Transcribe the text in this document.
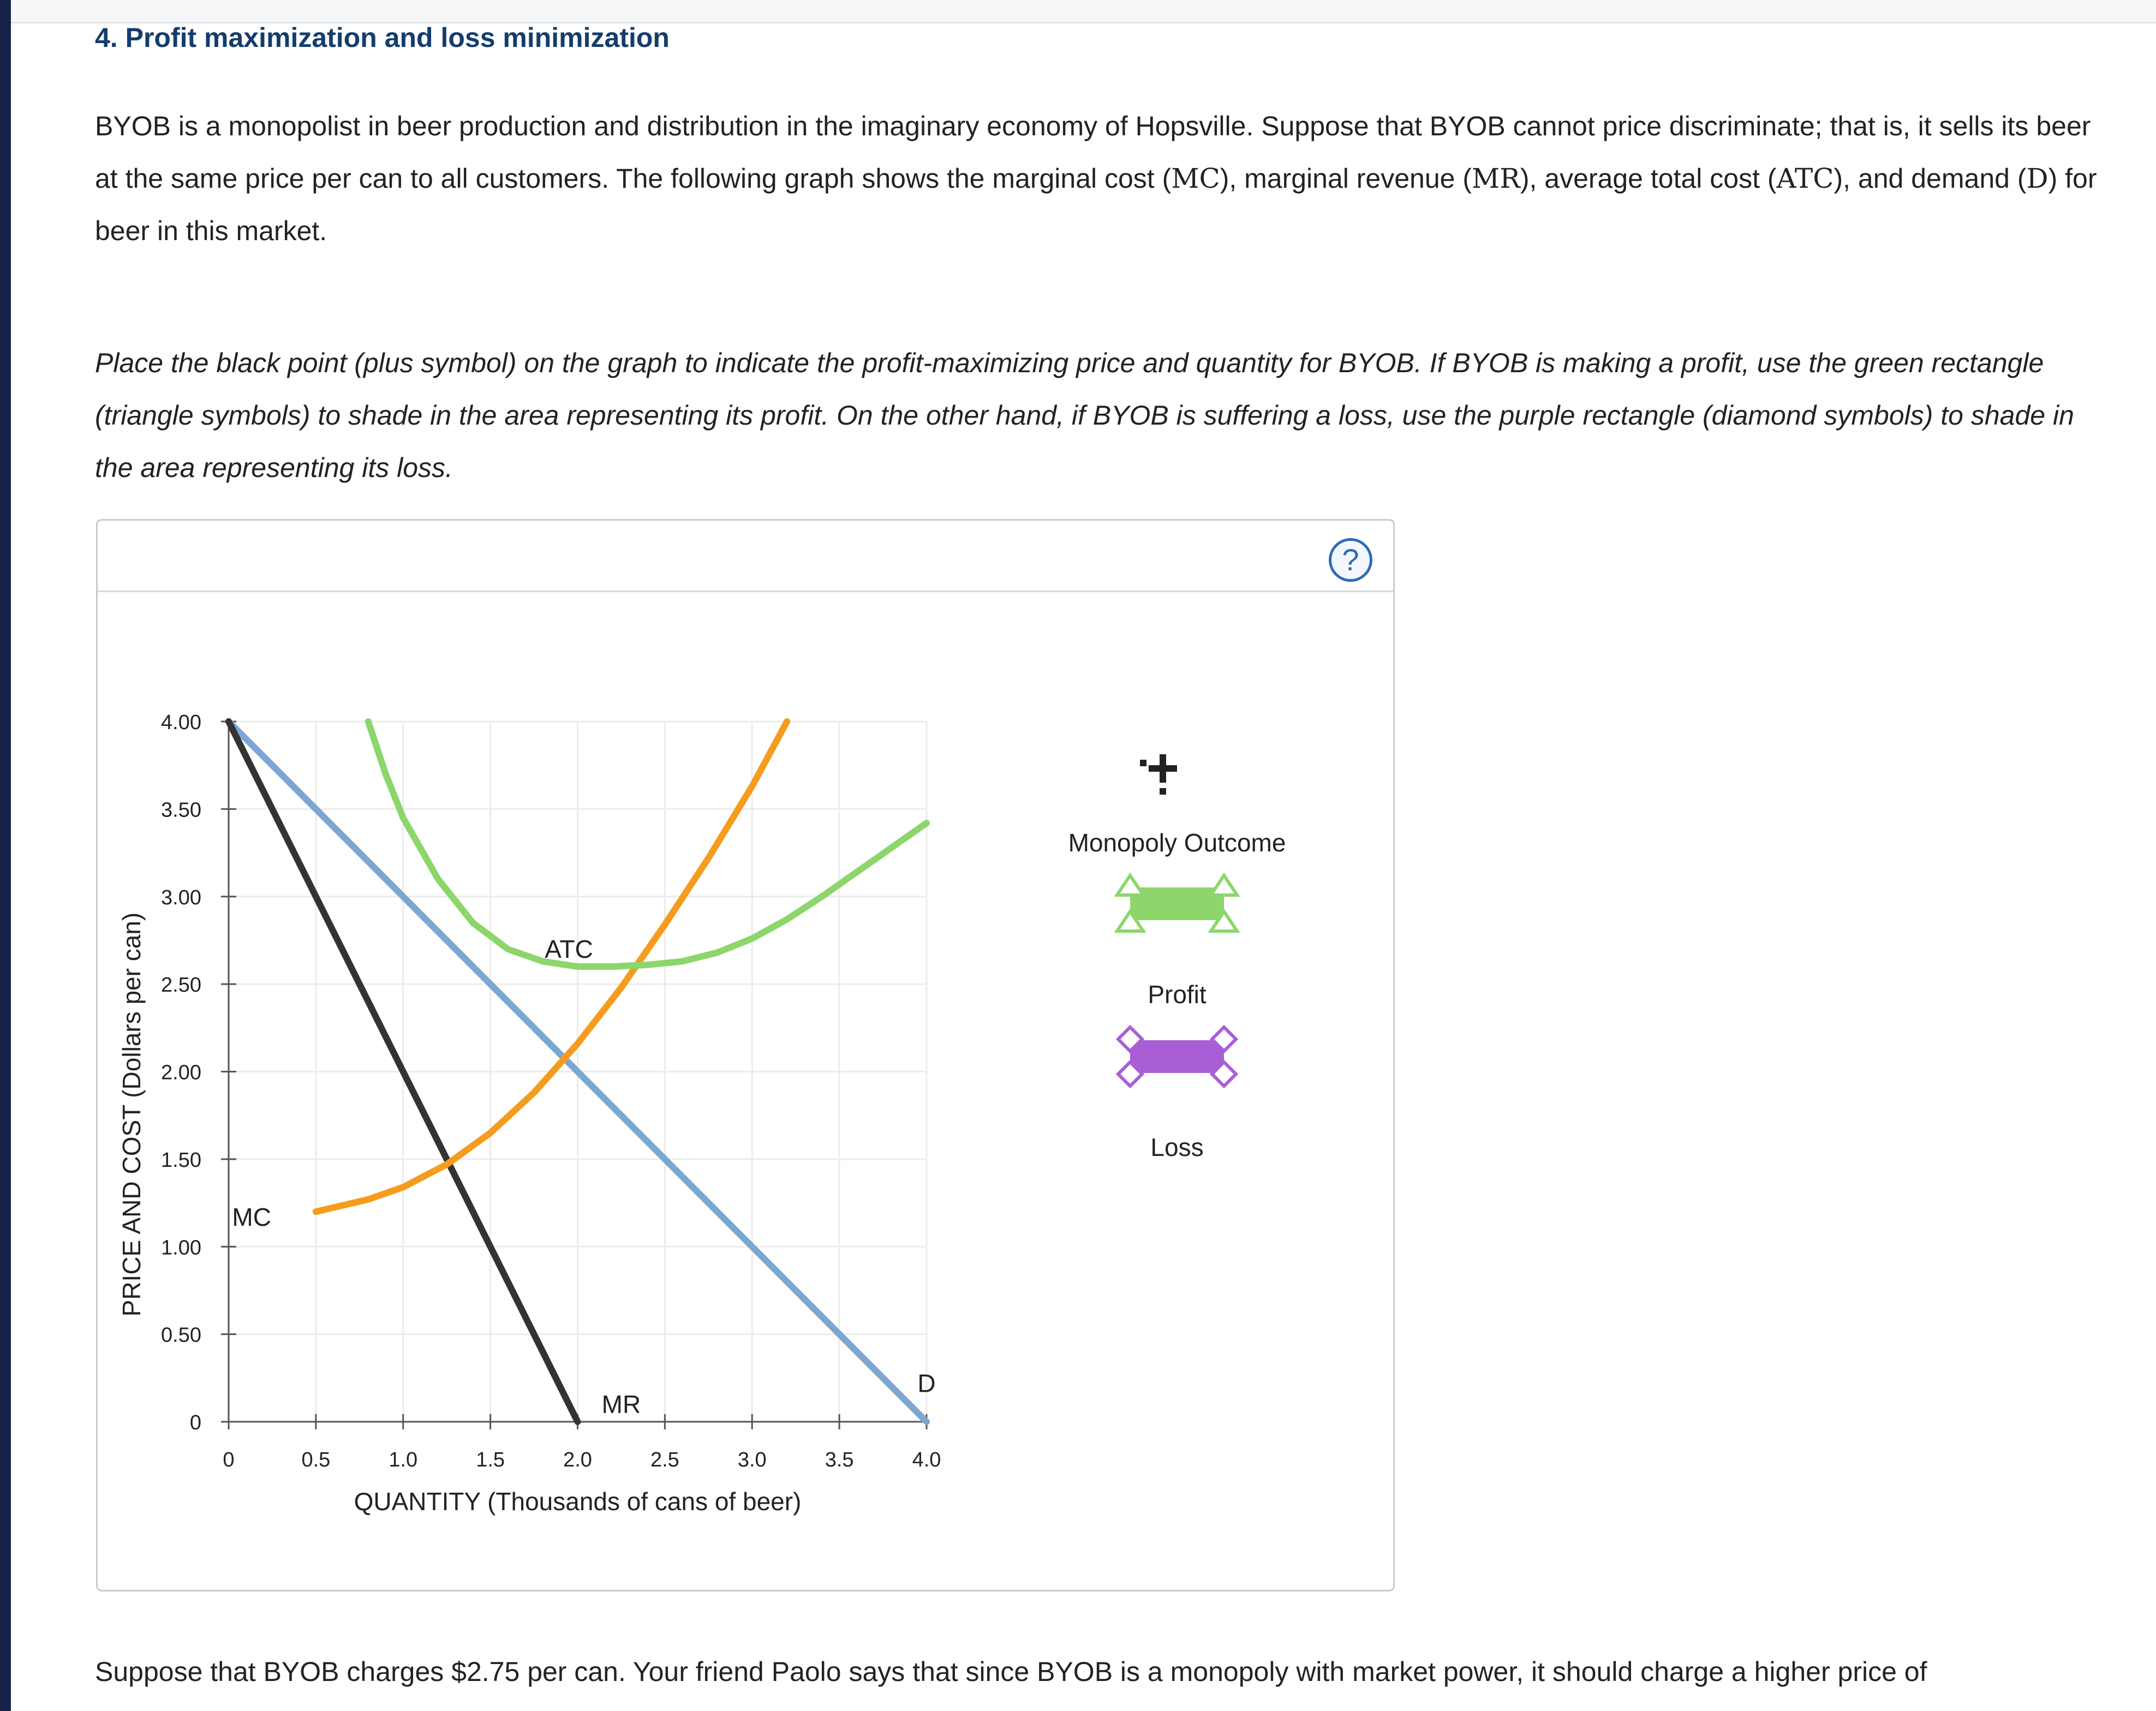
4. Profit maximization and loss minimization
BYOB is a monopolist in beer production and distribution in the imaginary economy of Hopsville. Suppose that BYOB cannot price discriminate; that is, it sells its beer at the same price per can to all customers. The following graph shows the marginal cost (MC), marginal revenue (MR), average total cost (ATC), and demand (D) for beer in this market.
Place the black point (plus symbol) on the graph to indicate the profit-maximizing price and quantity for BYOB. If BYOB is making a profit, use the green rectangle (triangle symbols) to shade in the area representing its profit. On the other hand, if BYOB is suffering a loss, use the purple rectangle (diamond symbols) to shade in the area representing its loss.
?
0	0.5	1.0	1.5	2.0	2.5	3.0	3.5	4.0
0
0.50
1.00
1.50
2.00
2.50
3.00
3.50
4.00
D
MR
MC
ATC
QUANTITY (Thousands of cans of beer)
PRICE AND COST (Dollars per can)
Monopoly Outcome
Profit
Loss
Suppose that BYOB charges $2.75 per can. Your friend Paolo says that since BYOB is a monopoly with market power, it should charge a higher price of
